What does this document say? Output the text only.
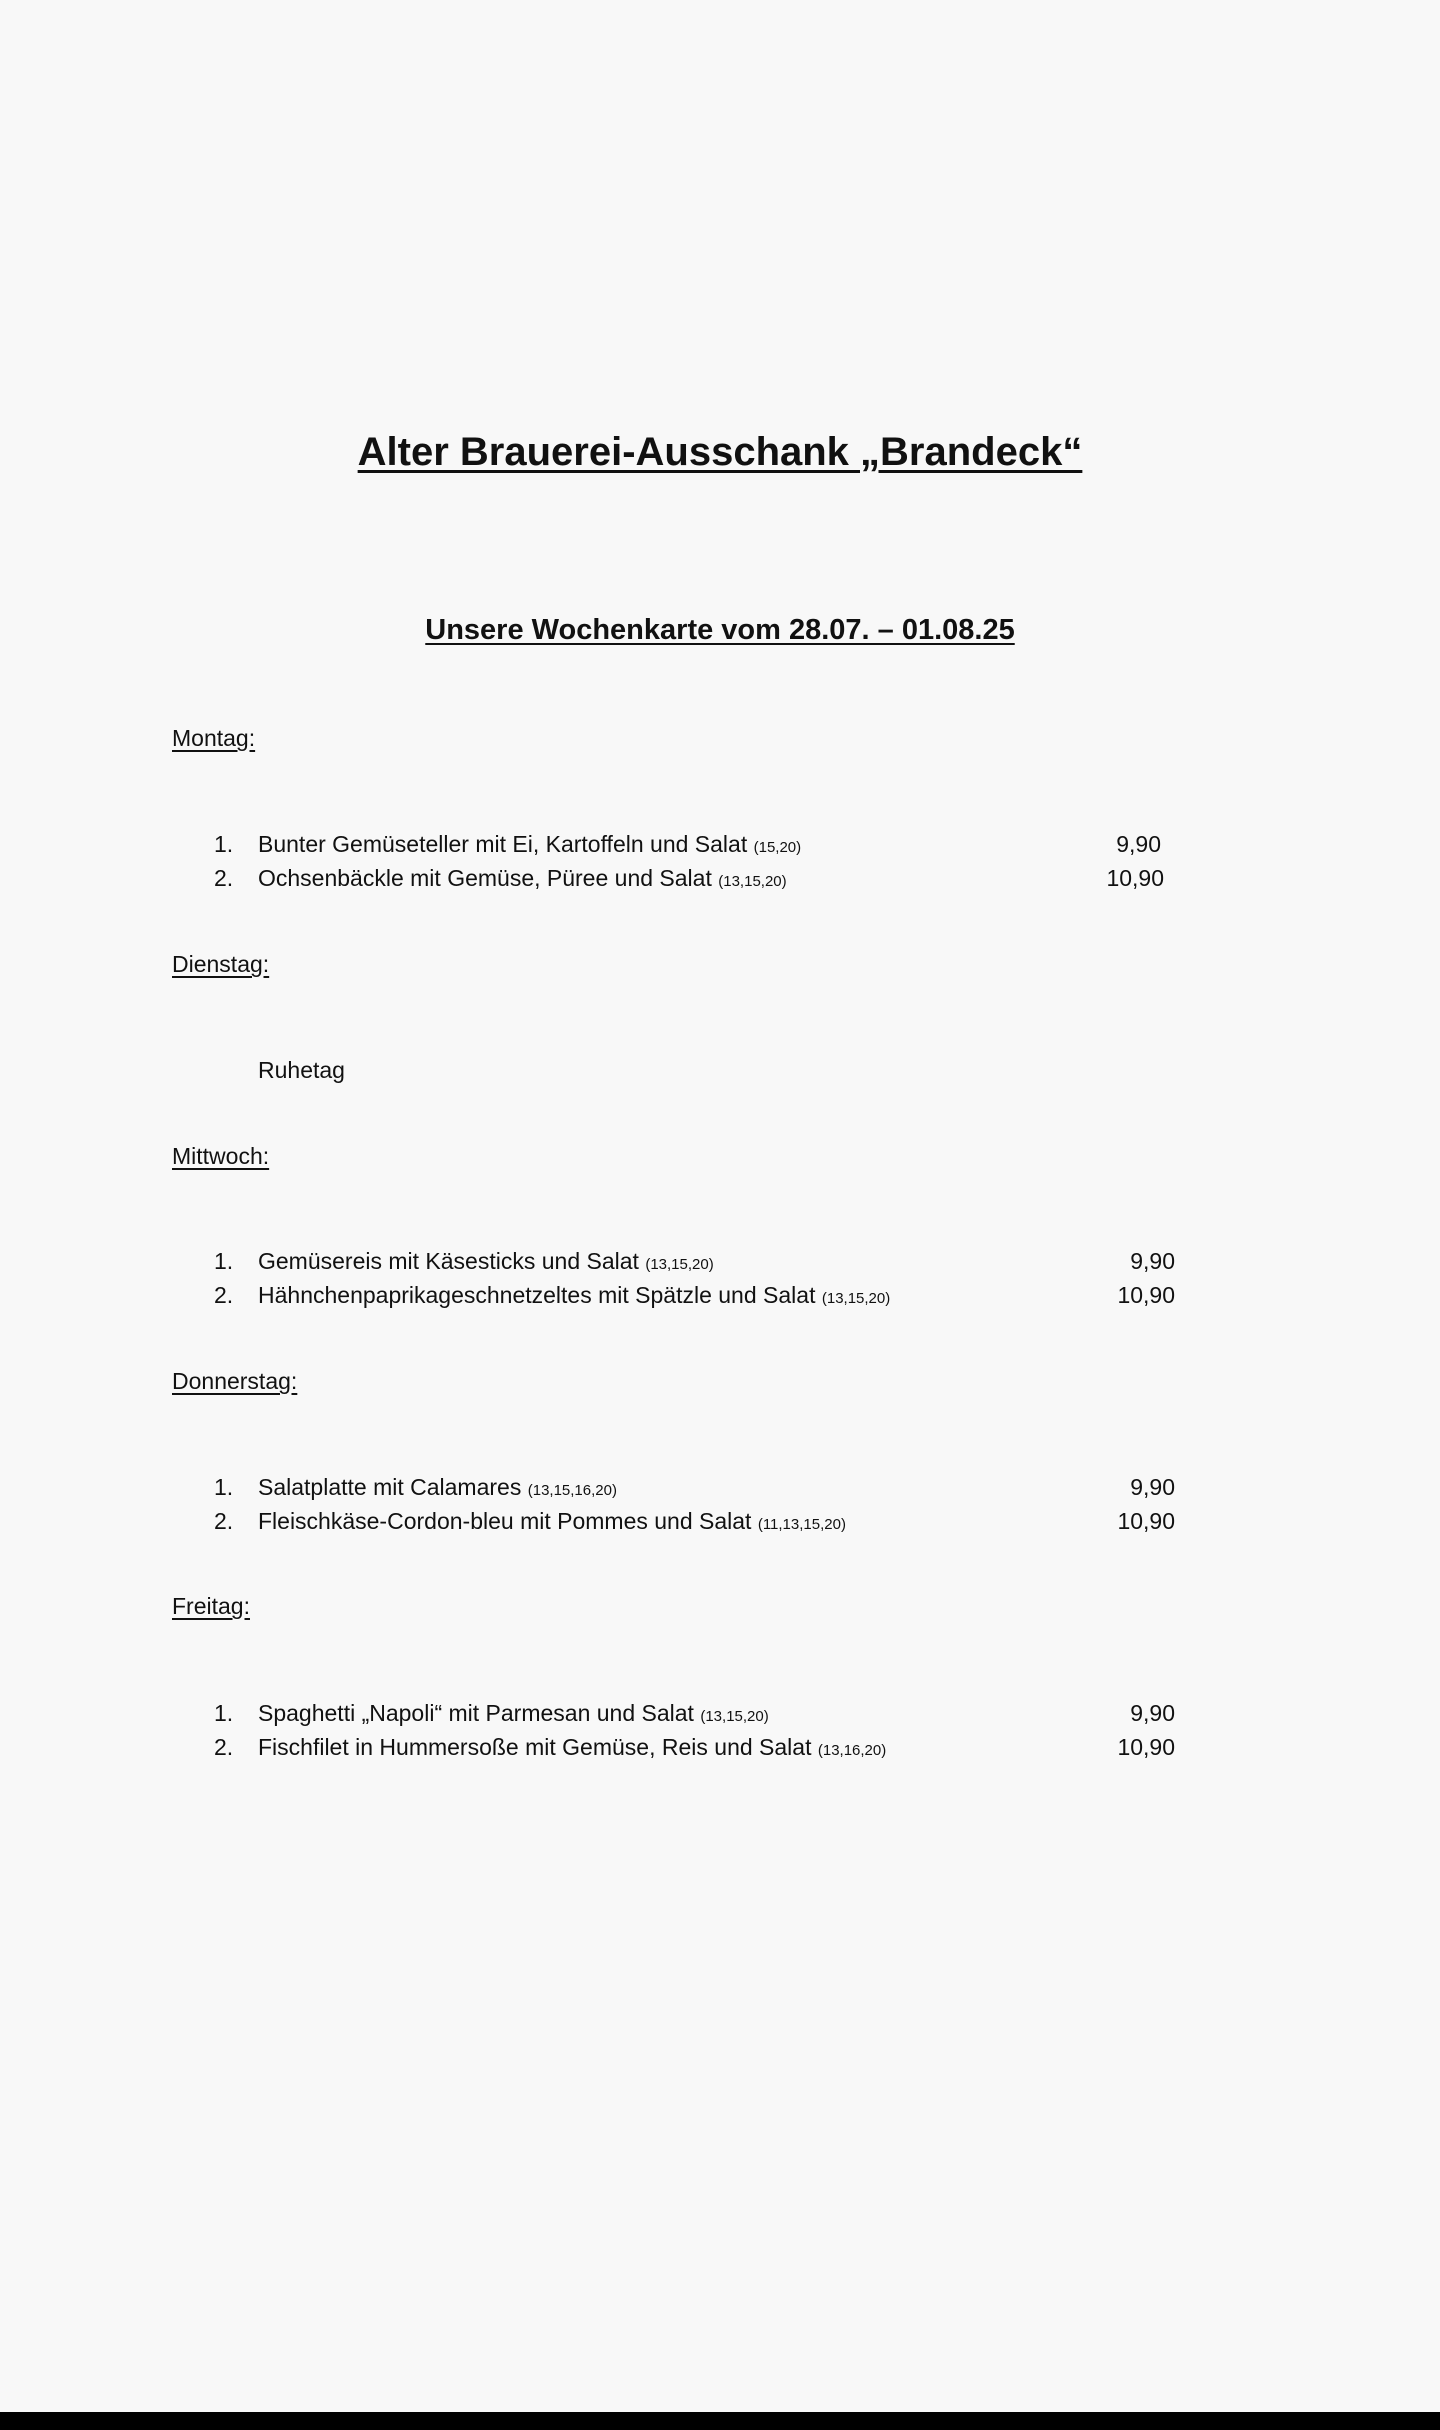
Alter Brauerei-Ausschank „Brandeck“
Unsere Wochenkarte vom 28.07. – 01.08.25
Montag:
1. Bunter Gemüseteller mit Ei, Kartoffeln und Salat (15,20)	9,90
2. Ochsenbäckle mit Gemüse, Püree und Salat (13,15,20)	10,90
Dienstag:
Ruhetag
Mittwoch:
1. Gemüsereis mit Käsesticks und Salat (13,15,20)	9,90
2. Hähnchenpaprikageschnetzeltes mit Spätzle und Salat (13,15,20)	10,90
Donnerstag:
1. Salatplatte mit Calamares (13,15,16,20)	9,90
2. Fleischkäse-Cordon-bleu mit Pommes und Salat (11,13,15,20)	10,90
Freitag:
1. Spaghetti „Napoli“ mit Parmesan und Salat (13,15,20)	9,90
2. Fischfilet in Hummersoße mit Gemüse, Reis und Salat (13,16,20)	10,90
